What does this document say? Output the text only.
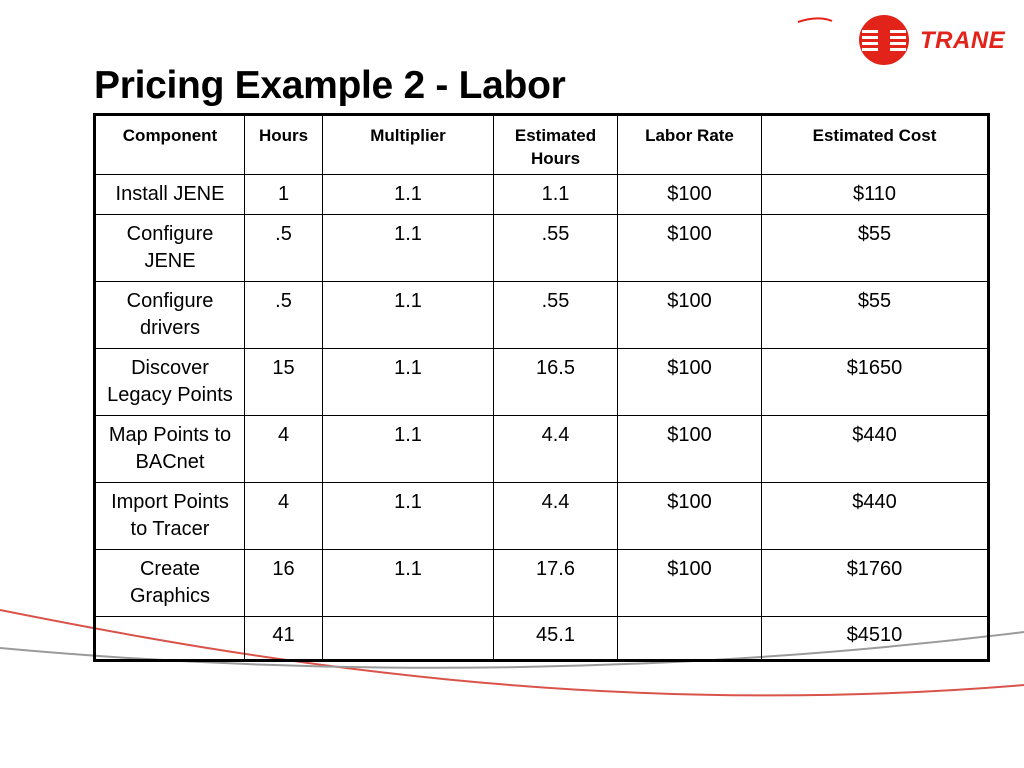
TRANE
Pricing Example 2 - Labor
Component	Hours	Multiplier	Estimated Hours	Labor Rate	Estimated Cost
Install JENE	1	1.1	1.1	$100	$110
Configure JENE	.5	1.1	.55	$100	$55
Configure drivers	.5	1.1	.55	$100	$55
Discover Legacy Points	15	1.1	16.5	$100	$1650
Map Points to BACnet	4	1.1	4.4	$100	$440
Import Points to Tracer	4	1.1	4.4	$100	$440
Create Graphics	16	1.1	17.6	$100	$1760
	41		45.1		$4510
